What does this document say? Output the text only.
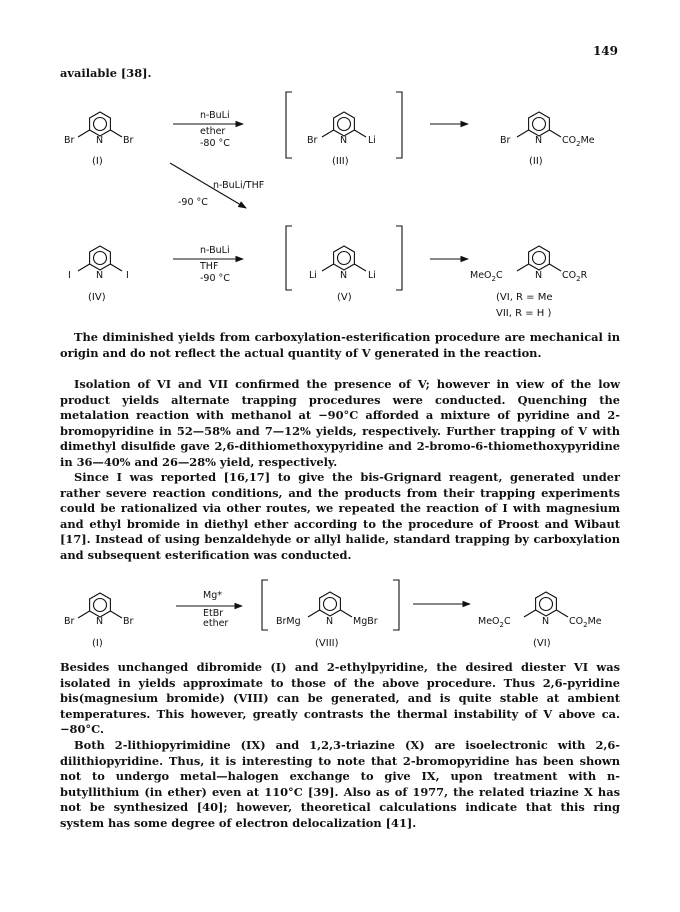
149

available [38].

Br N Br
(I)
n-BuLi
ether
-80 °C	Br N Li
(III)
Br	N $CO_2Me$
(II)
n-BuLi/THF
-90 °C
I	N I
(IV)
n-BuLi
THF
-90 °C	Li N Li
(V)
MeO$_2$C	N $CO_2R$
(VI, R = Me
VII, R = H )

The diminished yields from carboxylation-esterification procedure are mechanical in origin and do not reflect the actual quantity of V generated in the reaction.

Isolation of VI and VII confirmed the presence of V; however in view of the low product yields alternate trapping procedures were conducted. Quenching the metalation reaction with methanol at −90°C afforded a mixture of pyridine and 2-bromopyridine in 52—58% and 7—12% yields, respectively. Further trapping of V with dimethyl disulfide gave 2,6-dithiomethoxypyridine and 2-bromo-6-thiomethoxypyridine in 36—40% and 26—28% yield, respectively.

Since I was reported [16,17] to give the bis-Grignard reagent, generated under rather severe reaction conditions, and the products from their trapping experiments could be rationalized via other routes, we repeated the reaction of I with magnesium and ethyl bromide in diethyl ether according to the procedure of Proost and Wibaut [17]. Instead of using benzaldehyde or allyl halide, standard trapping by carboxylation and subsequent esterification was conducted.

Br N Br
(I)
Mg*
EtBr
ether	BrMg	N MgBr
(VIII)
MeO$_2$C	N $CO_2Me$
(VI)

Besides unchanged dibromide (I) and 2-ethylpyridine, the desired diester VI was isolated in yields approximate to those of the above procedure. Thus 2,6-pyridine bis(magnesium bromide) (VIII) can be generated, and is quite stable at ambient temperatures. This however, greatly contrasts the thermal instability of V above ca. −80°C.

Both 2-lithiopyrimidine (IX) and 1,2,3-triazine (X) are isoelectronic with 2,6-dilithiopyridine. Thus, it is interesting to note that 2-bromopyridine has been shown not to undergo metal—halogen exchange to give IX, upon treatment with n-butyllithium (in ether) even at 110°C [39]. Also as of 1977, the related triazine X has not be synthesized [40]; however, theoretical calculations indicate that this ring system has some degree of electron delocalization [41].
